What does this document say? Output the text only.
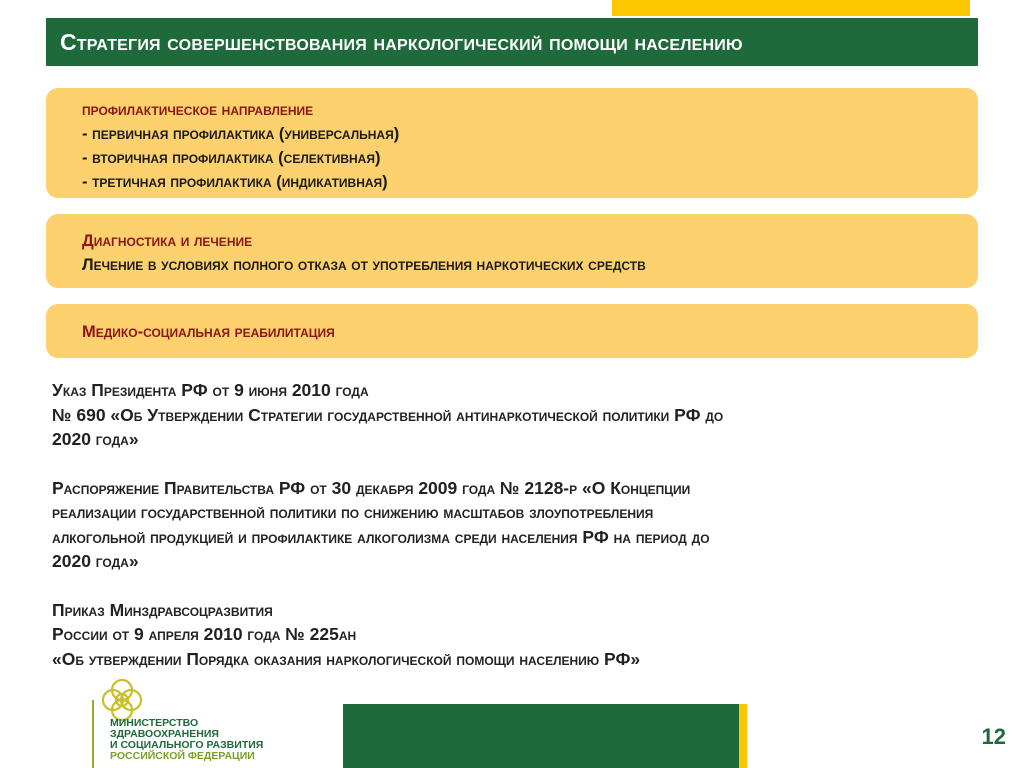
Стратегия совершенствования наркологический помощи населению
профилактическое направление
- первичная профилактика (универсальная)
- вторичная профилактика (селективная)
- третичная профилактика (индикативная)
Диагностика и лечение
Лечение в условиях полного отказа от употребления наркотических средств
Медико-социальная реабилитация
Указ Президента РФ от 9 июня 2010 года
№ 690 «Об Утверждении Стратегии государственной антинаркотической политики РФ до
2020 года»
Распоряжение Правительства РФ от 30 декабря 2009 года № 2128-р «О Концепции
реализации государственной политики по снижению масштабов злоупотребления
алкогольной продукцией и профилактике алкоголизма среди населения РФ на период до
2020 года»
Приказ Минздравсоцразвития
России от 9 апреля 2010 года № 225ан
«Об утверждении Порядка оказания наркологической помощи населению РФ»
МИНИСТЕРСТВО
ЗДРАВООХРАНЕНИЯ
И СОЦИАЛЬНОГО РАЗВИТИЯ
РОССИЙСКОЙ ФЕДЕРАЦИИ
12
